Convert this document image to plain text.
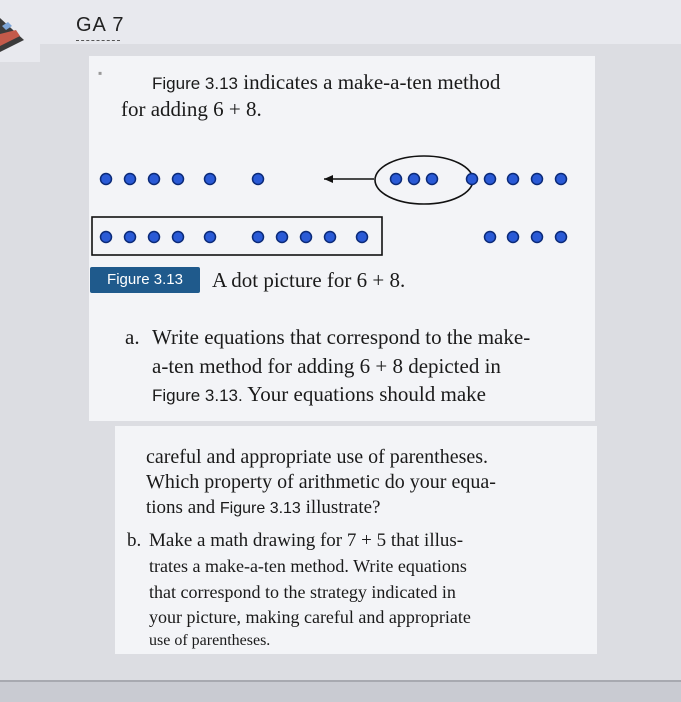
GA 7
▪
Figure 3.13 indicates a make-a-ten method
for adding 6 + 8.
Figure 3.13	A dot picture for 6 + 8.
a. Write equations that correspond to the make-
a-ten method for adding 6 + 8 depicted in
Figure 3.13. Your equations should make
careful and appropriate use of parentheses.
Which property of arithmetic do your equa-
tions and Figure 3.13 illustrate?
b. Make a math drawing for 7 + 5 that illus-
trates a make-a-ten method. Write equations
that correspond to the strategy indicated in
your picture, making careful and appropriate
use of parentheses.
